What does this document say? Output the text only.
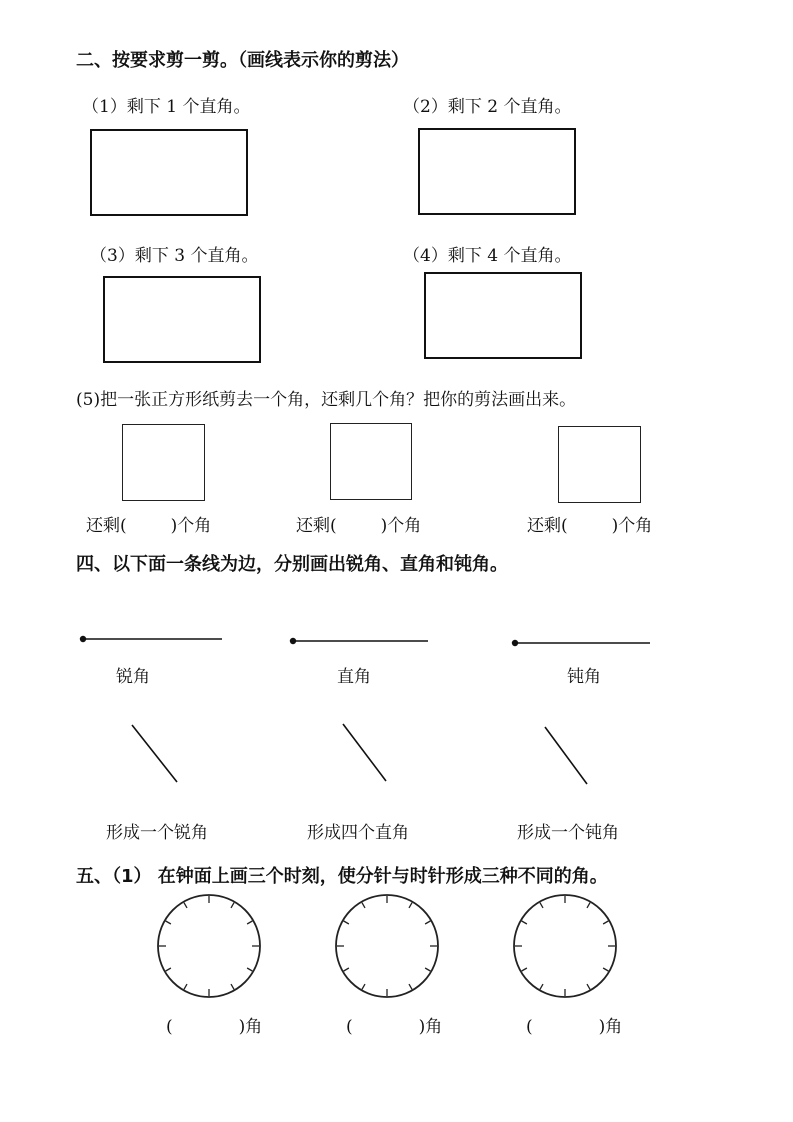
二、按要求剪一剪。（画线表示你的剪法）
（1）剩下 1 个直角。	（2）剩下 2 个直角。
（3）剩下 3 个直角。	（4）剩下 4 个直角。
(5)把一张正方形纸剪去一个角，还剩几个角？把你的剪法画出来。
还剩(	)个角	还剩(	)个角	还剩(	)个角
四、以下面一条线为边，分别画出锐角、直角和钝角。
锐角	直角	钝角
形成一个锐角	形成四个直角	形成一个钝角
五、（1） 在钟面上画三个时刻，使分针与时针形成三种不同的角。
(	)角	(	)角	(	)角
